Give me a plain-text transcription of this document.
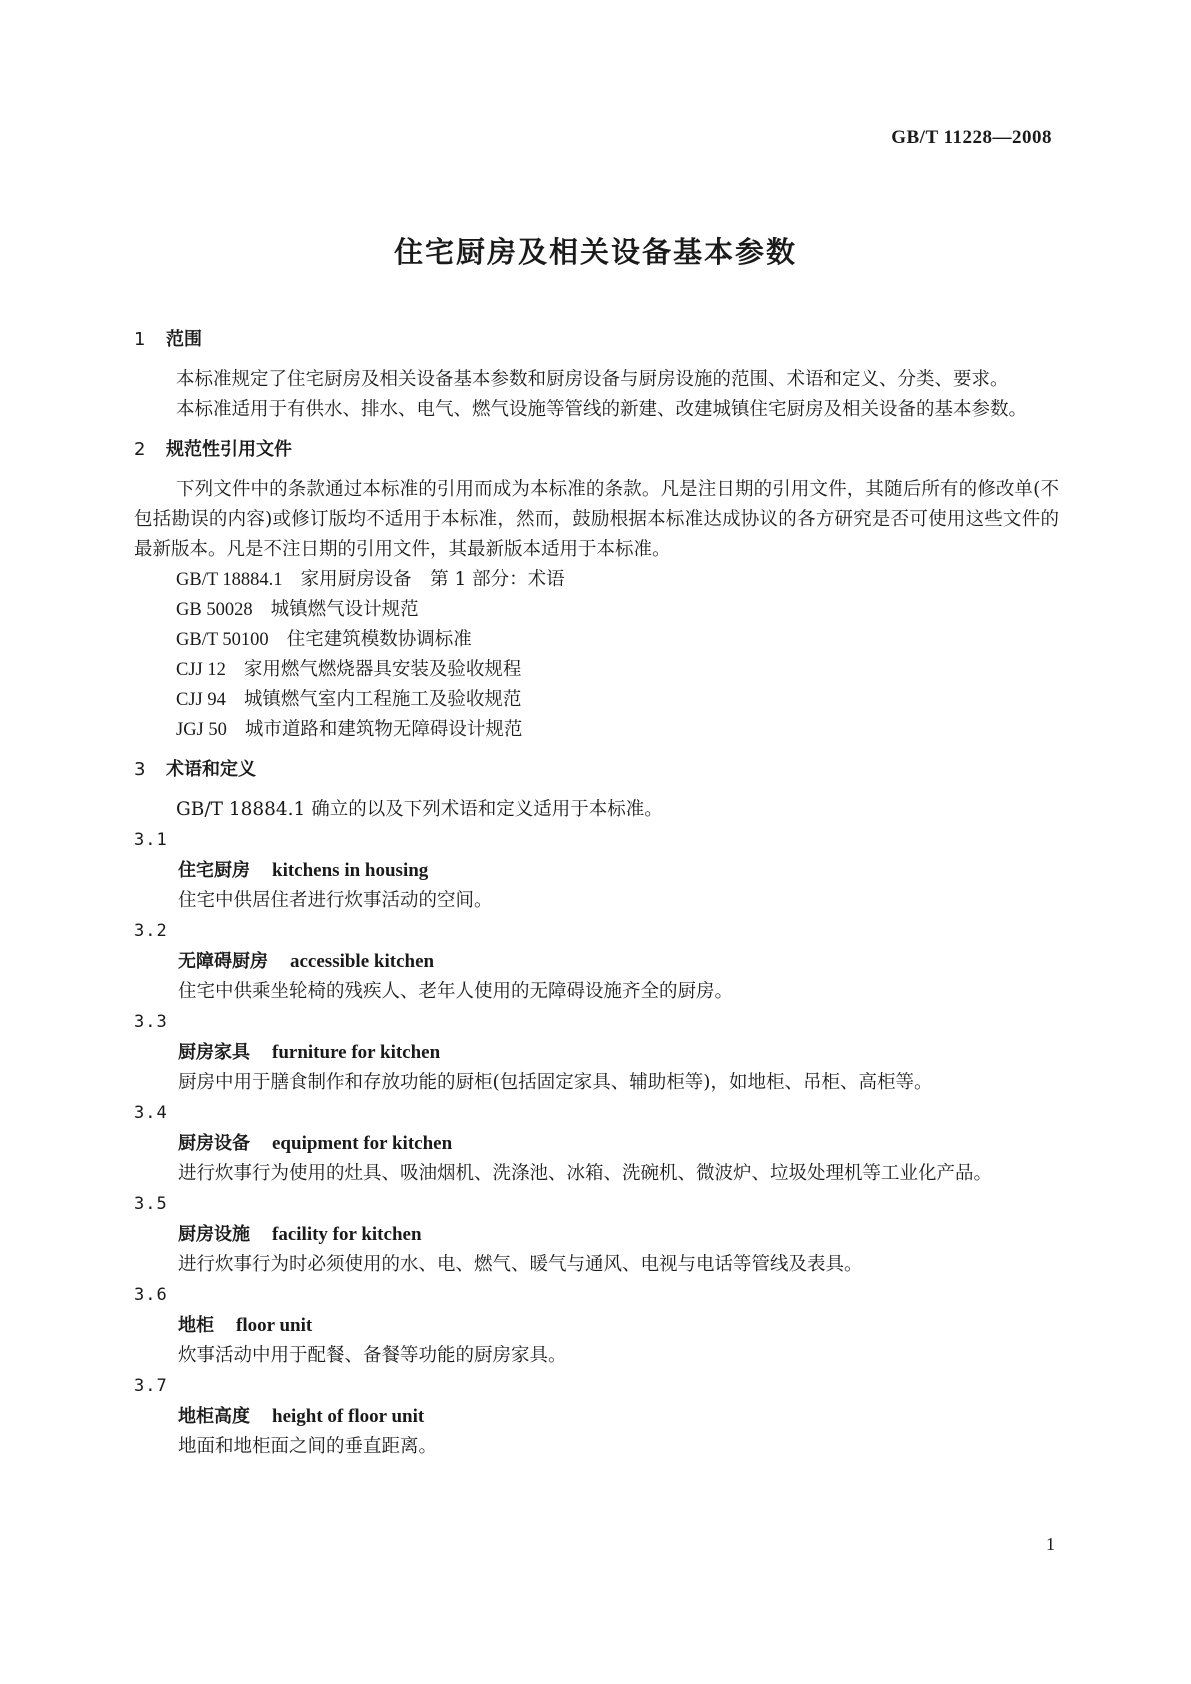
GB/T 11228—2008
住宅厨房及相关设备基本参数
1 范围

本标准规定了住宅厨房及相关设备基本参数和厨房设备与厨房设施的范围、术语和定义、分类、要求。

本标准适用于有供水、排水、电气、燃气设施等管线的新建、改建城镇住宅厨房及相关设备的基本参数。

2 规范性引用文件

下列文件中的条款通过本标准的引用而成为本标准的条款。凡是注日期的引用文件，其随后所有的修改单(不包括勘误的内容)或修订版均不适用于本标准，然而，鼓励根据本标准达成协议的各方研究是否可使用这些文件的最新版本。凡是不注日期的引用文件，其最新版本适用于本标准。

GB/T 18884.1 家用厨房设备　第 1 部分：术语

GB 50028 城镇燃气设计规范

GB/T 50100 住宅建筑模数协调标准

CJJ 12 家用燃气燃烧器具安装及验收规程

CJJ 94 城镇燃气室内工程施工及验收规范

JGJ 50 城市道路和建筑物无障碍设计规范

3 术语和定义

GB/T 18884.1 确立的以及下列术语和定义适用于本标准。

3.1

住宅厨房 kitchens in housing

住宅中供居住者进行炊事活动的空间。

3.2

无障碍厨房 accessible kitchen

住宅中供乘坐轮椅的残疾人、老年人使用的无障碍设施齐全的厨房。

3.3

厨房家具 furniture for kitchen

厨房中用于膳食制作和存放功能的厨柜(包括固定家具、辅助柜等)，如地柜、吊柜、高柜等。

3.4

厨房设备 equipment for kitchen

进行炊事行为使用的灶具、吸油烟机、洗涤池、冰箱、洗碗机、微波炉、垃圾处理机等工业化产品。

3.5

厨房设施 facility for kitchen

进行炊事行为时必须使用的水、电、燃气、暖气与通风、电视与电话等管线及表具。

3.6

地柜 floor unit

炊事活动中用于配餐、备餐等功能的厨房家具。

3.7

地柜高度 height of floor unit

地面和地柜面之间的垂直距离。

1
